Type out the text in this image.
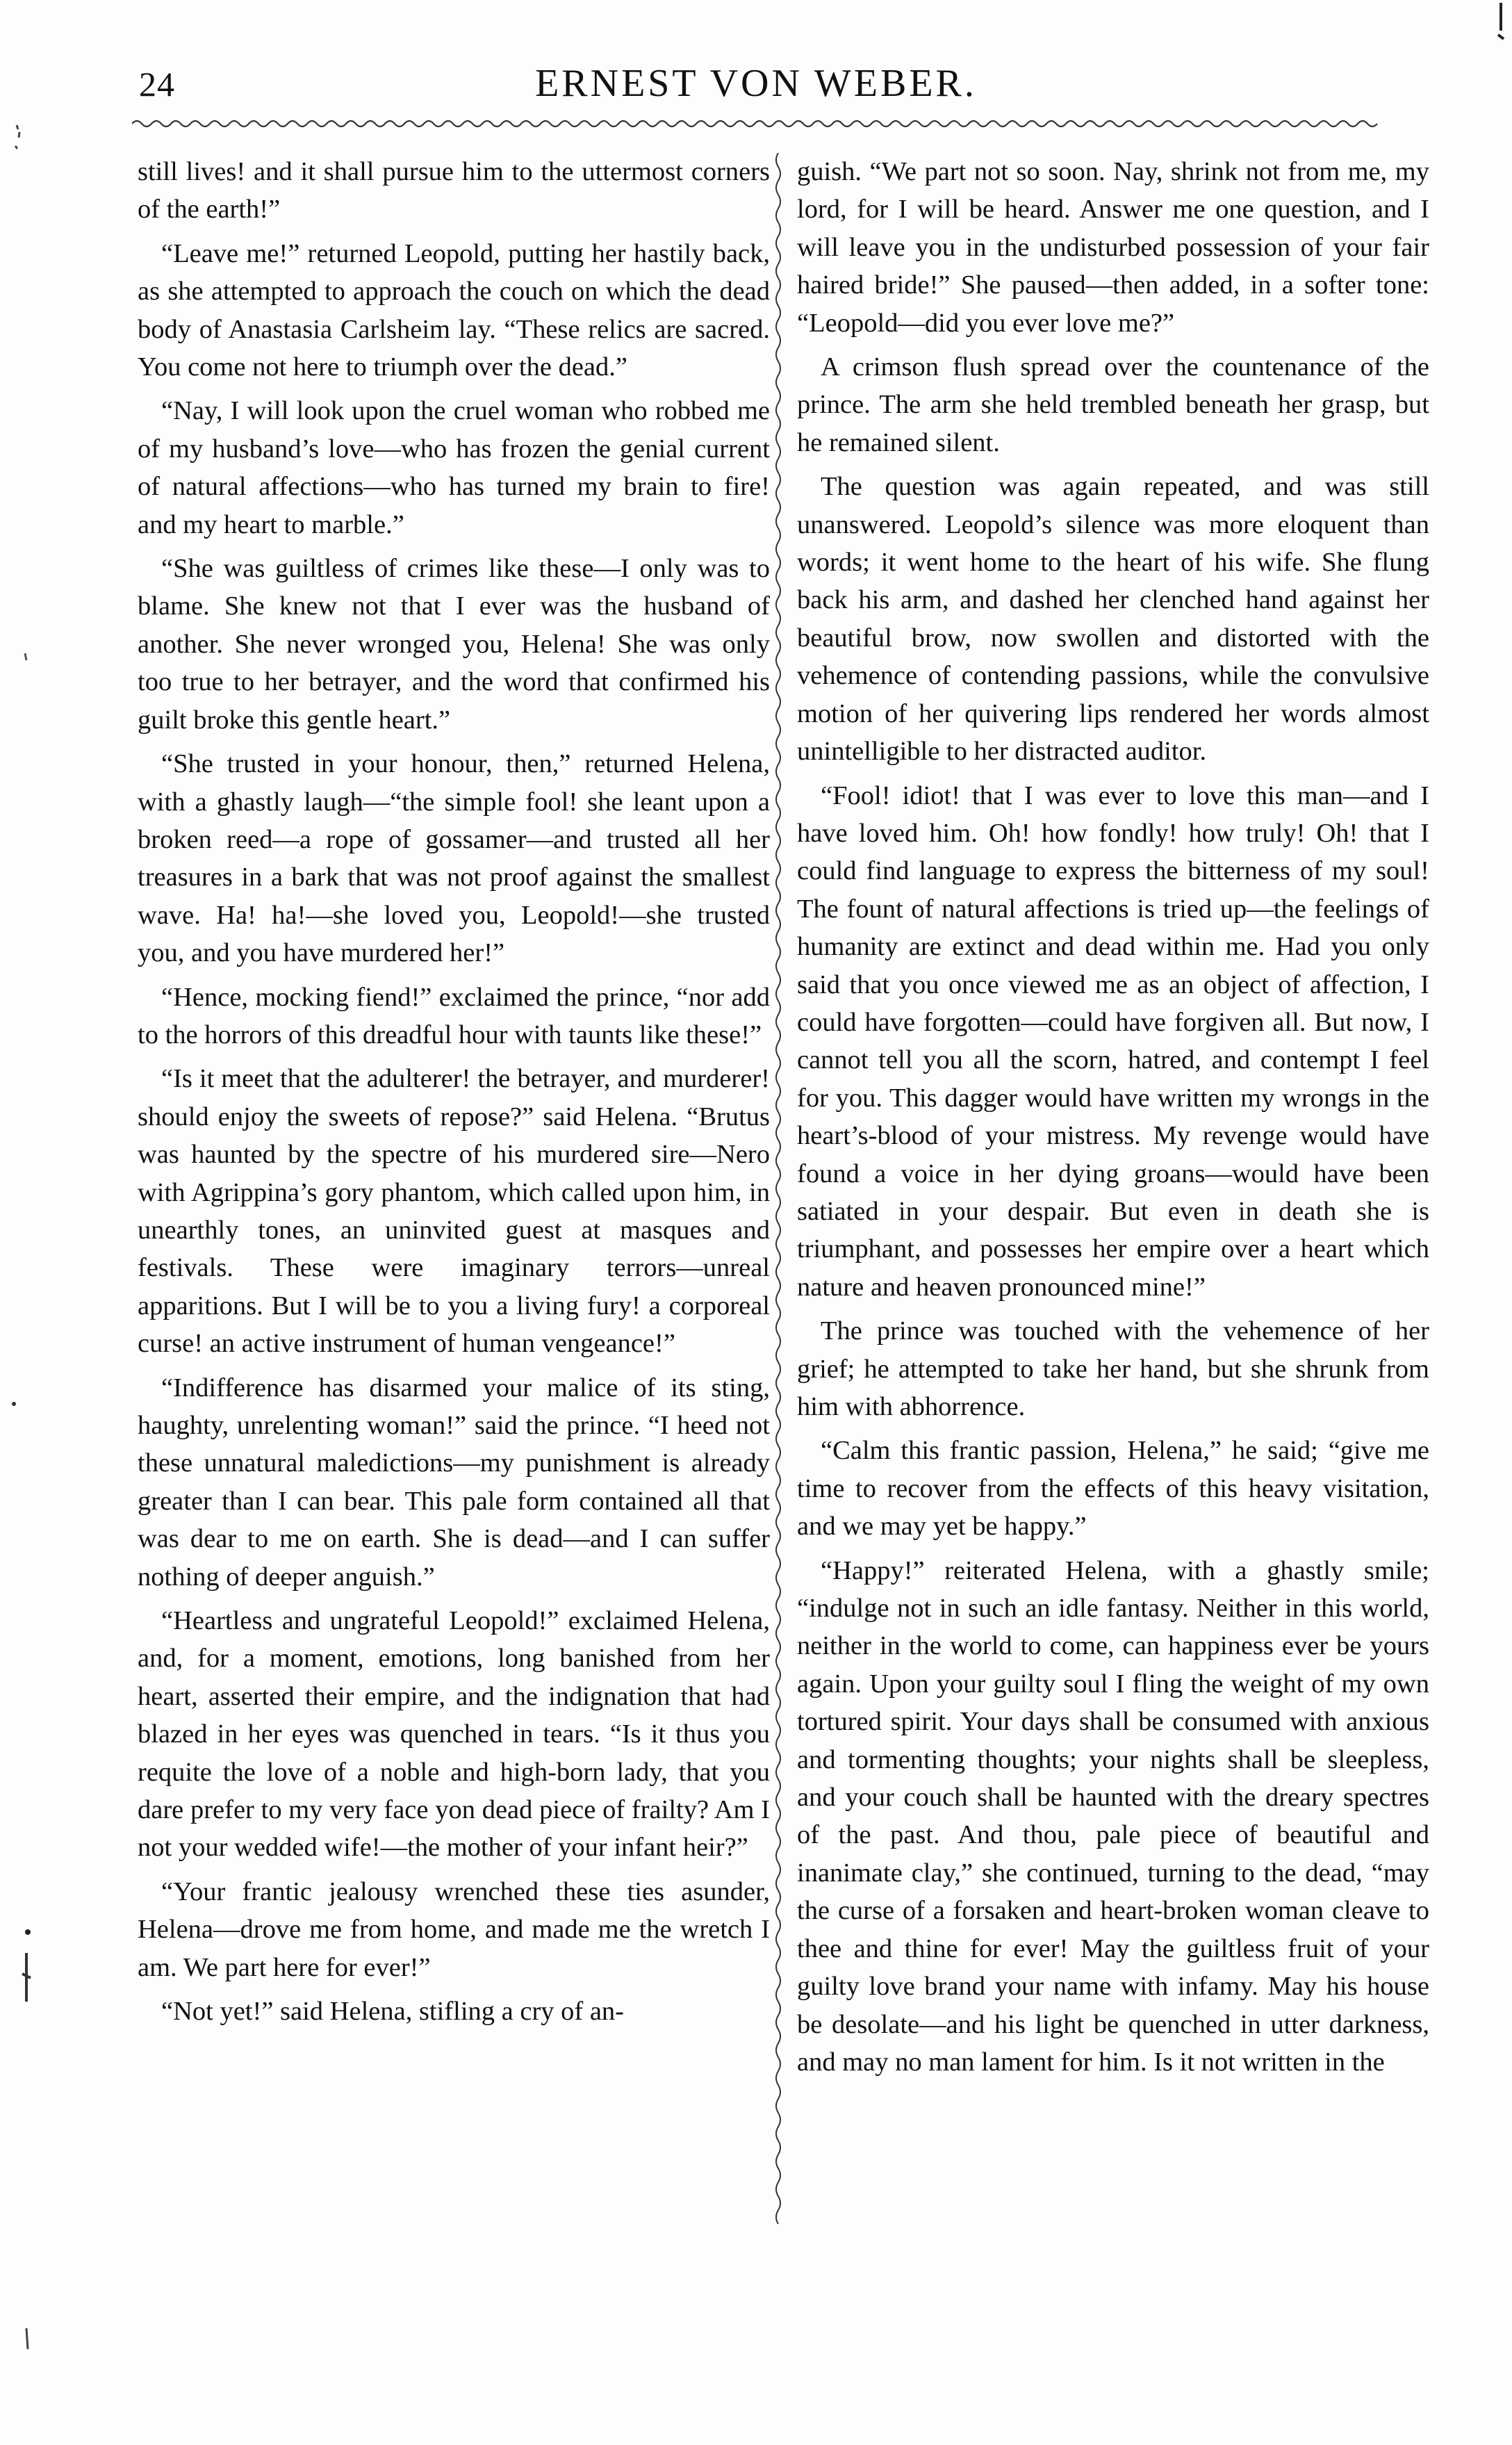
24	ERNEST VON WEBER.

still lives! and it shall pursue him to the uttermost corners of the earth!”

“Leave me!” returned Leopold, putting her hastily back, as she attempted to approach the couch on which the dead body of Anastasia Carlsheim lay. “These relics are sacred. You come not here to triumph over the dead.”

“Nay, I will look upon the cruel woman who robbed me of my husband’s love—who has frozen the genial current of natural affections—who has turned my brain to fire! and my heart to marble.”

“She was guiltless of crimes like these—I only was to blame. She knew not that I ever was the husband of another. She never wronged you, Helena! She was only too true to her betrayer, and the word that confirmed his guilt broke this gentle heart.”

“She trusted in your honour, then,” returned Helena, with a ghastly laugh—“the simple fool! she leant upon a broken reed—a rope of gossamer—and trusted all her treasures in a bark that was not proof against the smallest wave. Ha! ha!—she loved you, Leopold!—she trusted you, and you have murdered her!”

“Hence, mocking fiend!” exclaimed the prince, “nor add to the horrors of this dreadful hour with taunts like these!”

“Is it meet that the adulterer! the betrayer, and murderer! should enjoy the sweets of repose?” said Helena. “Brutus was haunted by the spectre of his murdered sire—Nero with Agrippina’s gory phantom, which called upon him, in unearthly tones, an uninvited guest at masques and festivals. These were imaginary terrors—unreal apparitions. But I will be to you a living fury! a corporeal curse! an active instrument of human vengeance!”

“Indifference has disarmed your malice of its sting, haughty, unrelenting woman!” said the prince. “I heed not these unnatural maledictions—my punishment is already greater than I can bear. This pale form contained all that was dear to me on earth. She is dead—and I can suffer nothing of deeper anguish.”

“Heartless and ungrateful Leopold!” exclaimed Helena, and, for a moment, emotions, long banished from her heart, asserted their empire, and the indignation that had blazed in her eyes was quenched in tears. “Is it thus you requite the love of a noble and high-born lady, that you dare prefer to my very face yon dead piece of frailty? Am I not your wedded wife!—the mother of your infant heir?”

“Your frantic jealousy wrenched these ties asunder, Helena—drove me from home, and made me the wretch I am. We part here for ever!”

“Not yet!” said Helena, stifling a cry of an-

guish. “We part not so soon. Nay, shrink not from me, my lord, for I will be heard. Answer me one question, and I will leave you in the undisturbed possession of your fair haired bride!” She paused—then added, in a softer tone: “Leopold—did you ever love me?”

A crimson flush spread over the countenance of the prince. The arm she held trembled beneath her grasp, but he remained silent.

The question was again repeated, and was still unanswered. Leopold’s silence was more eloquent than words; it went home to the heart of his wife. She flung back his arm, and dashed her clenched hand against her beautiful brow, now swollen and distorted with the vehemence of contending passions, while the convulsive motion of her quivering lips rendered her words almost unintelligible to her distracted auditor.

“Fool! idiot! that I was ever to love this man—and I have loved him. Oh! how fondly! how truly! Oh! that I could find language to express the bitterness of my soul! The fount of natural affections is tried up—the feelings of humanity are extinct and dead within me. Had you only said that you once viewed me as an object of affection, I could have forgotten—could have forgiven all. But now, I cannot tell you all the scorn, hatred, and contempt I feel for you. This dagger would have written my wrongs in the heart’s-blood of your mistress. My revenge would have found a voice in her dying groans—would have been satiated in your despair. But even in death she is triumphant, and possesses her empire over a heart which nature and heaven pronounced mine!”

The prince was touched with the vehemence of her grief; he attempted to take her hand, but she shrunk from him with abhorrence.

“Calm this frantic passion, Helena,” he said; “give me time to recover from the effects of this heavy visitation, and we may yet be happy.”

“Happy!” reiterated Helena, with a ghastly smile; “indulge not in such an idle fantasy. Neither in this world, neither in the world to come, can happiness ever be yours again. Upon your guilty soul I fling the weight of my own tortured spirit. Your days shall be consumed with anxious and tormenting thoughts; your nights shall be sleepless, and your couch shall be haunted with the dreary spectres of the past. And thou, pale piece of beautiful and inanimate clay,” she continued, turning to the dead, “may the curse of a forsaken and heart-broken woman cleave to thee and thine for ever! May the guiltless fruit of your guilty love brand your name with infamy. May his house be desolate—and his light be quenched in utter darkness, and may no man lament for him. Is it not written in the
